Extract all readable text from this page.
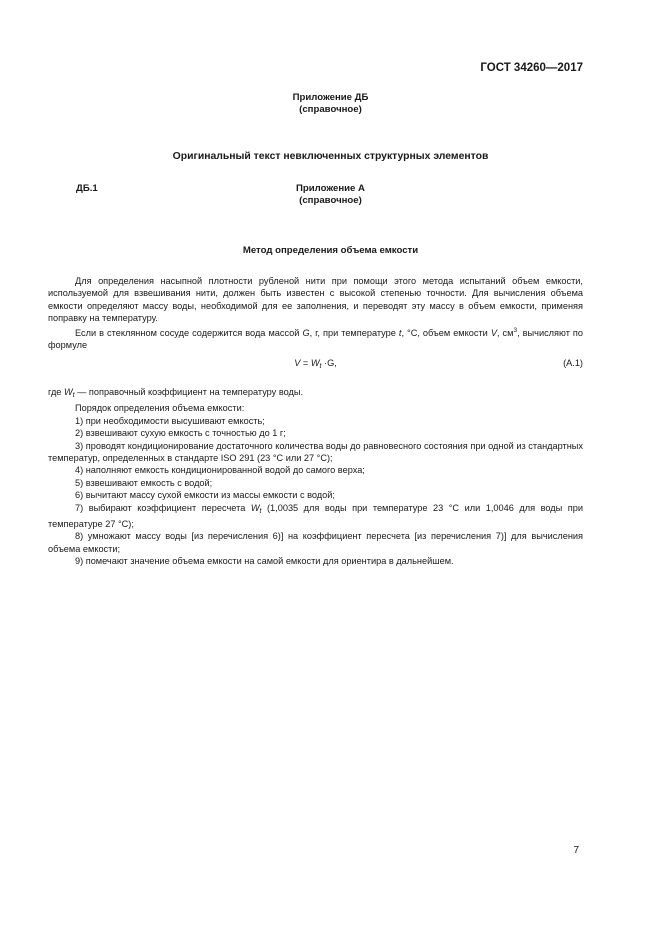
ГОСТ 34260—2017
Приложение ДБ
(справочное)
Оригинальный текст невключенных структурных элементов
ДБ.1	Приложение А
(справочное)
Метод определения объема емкости

Для определения насыпной плотности рубленой нити при помощи этого метода испытаний объем емкости, используемой для взвешивания нити, должен быть известен с высокой степенью точности. Для вычисления объема емкости определяют массу воды, необходимой для ее заполнения, и переводят эту массу в объем емкости, применяя поправку на температуру.

Если в стеклянном сосуде содержится вода массой G, г, при температуре t, °С, объем емкости V, $см^3$, вычисляют по формуле

$V = W_t \cdot G$,	(А.1)

где $W_t$ — поправочный коэффициент на температуру воды.

Порядок определения объема емкости:

1) при необходимости высушивают емкость;

2) взвешивают сухую емкость с точностью до 1 г;

3) проводят кондиционирование достаточного количества воды до равновесного состояния при одной из стандартных температур, определенных в стандарте ISO 291 (23 °С или 27 °С);

4) наполняют емкость кондиционированной водой до самого верха;

5) взвешивают емкость с водой;

6) вычитают массу сухой емкости из массы емкости с водой;

7) выбирают коэффициент пересчета $W_t$ (1,0035 для воды при температуре 23 °С или 1,0046 для воды при температуре 27 °С);

8) умножают массу воды [из перечисления 6)] на коэффициент пересчета [из перечисления 7)] для вычисления объема емкости;

9) помечают значение объема емкости на самой емкости для ориентира в дальнейшем.

7
